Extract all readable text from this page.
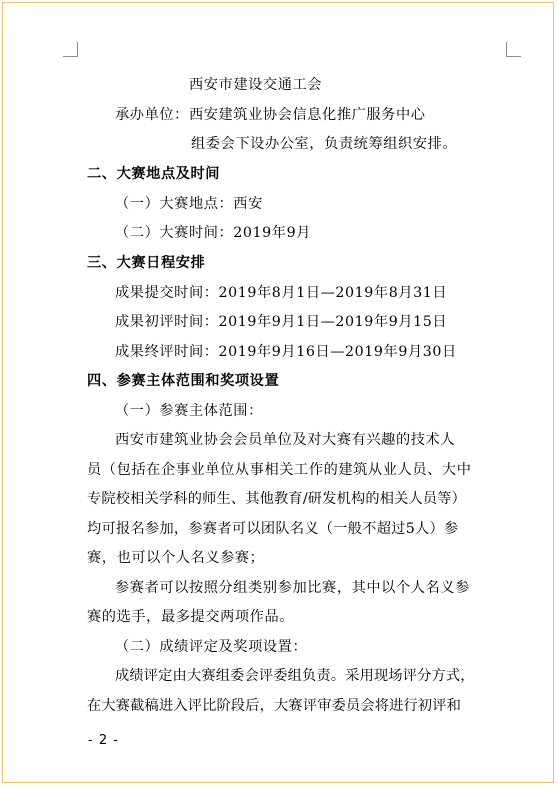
西安市建设交通工会
承办单位：西安建筑业协会信息化推广服务中心
组委会下设办公室，负责统筹组织安排。
二、大赛地点及时间
（一）大赛地点：西安
（二）大赛时间：2019年9月
三、大赛日程安排
成果提交时间：2019年8月1日—2019年8月31日
成果初评时间：2019年9月1日—2019年9月15日
成果终评时间：2019年9月16日—2019年9月30日
四、参赛主体范围和奖项设置
（一）参赛主体范围：
西安市建筑业协会会员单位及对大赛有兴趣的技术人
员（包括在企事业单位从事相关工作的建筑从业人员、大中
专院校相关学科的师生、其他教育/研发机构的相关人员等）
均可报名参加，参赛者可以团队名义（一般不超过5人）参
赛，也可以个人名义参赛；
参赛者可以按照分组类别参加比赛，其中以个人名义参
赛的选手，最多提交两项作品。
（二）成绩评定及奖项设置：
成绩评定由大赛组委会评委组负责。采用现场评分方式，
在大赛截稿进入评比阶段后，大赛评审委员会将进行初评和
- 2 -
